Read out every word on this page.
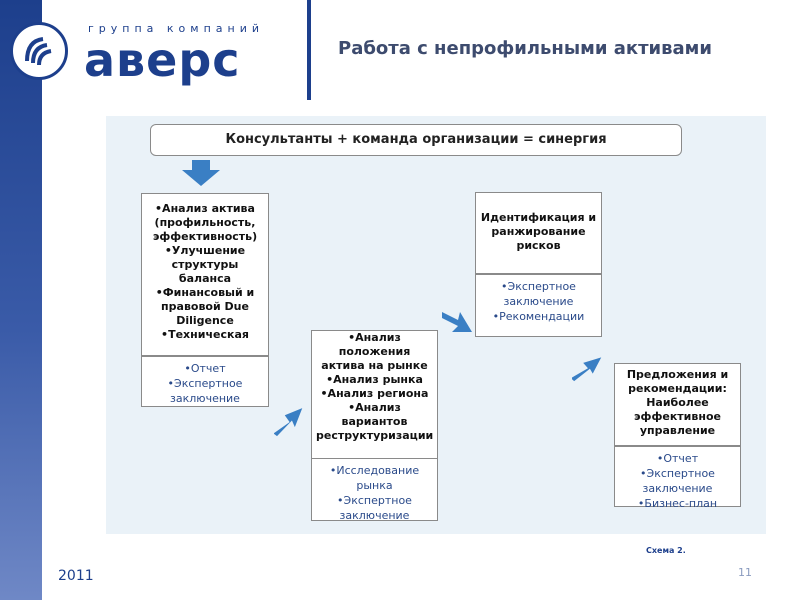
группа компаний
аверс	Работа с непрофильными активами
Консультанты + команда организации = синергия
•Анализ актива (профильность, эффективность)
•Улучшение структуры баланса
•Финансовый и правовой Due Diligence
•Техническая
•Отчет
•Экспертное заключение
•Анализ положения актива на рынке
•Анализ рынка
•Анализ региона
•Анализ вариантов реструктуризации
•Исследование рынка
•Экспертное заключение
Идентификация и ранжирование рисков
•Экспертное заключение
•Рекомендации
Предложения и рекомендации: Наиболее эффективное управление
•Отчет
•Экспертное заключение
•Бизнес-план
Схема 2.
2011	11
